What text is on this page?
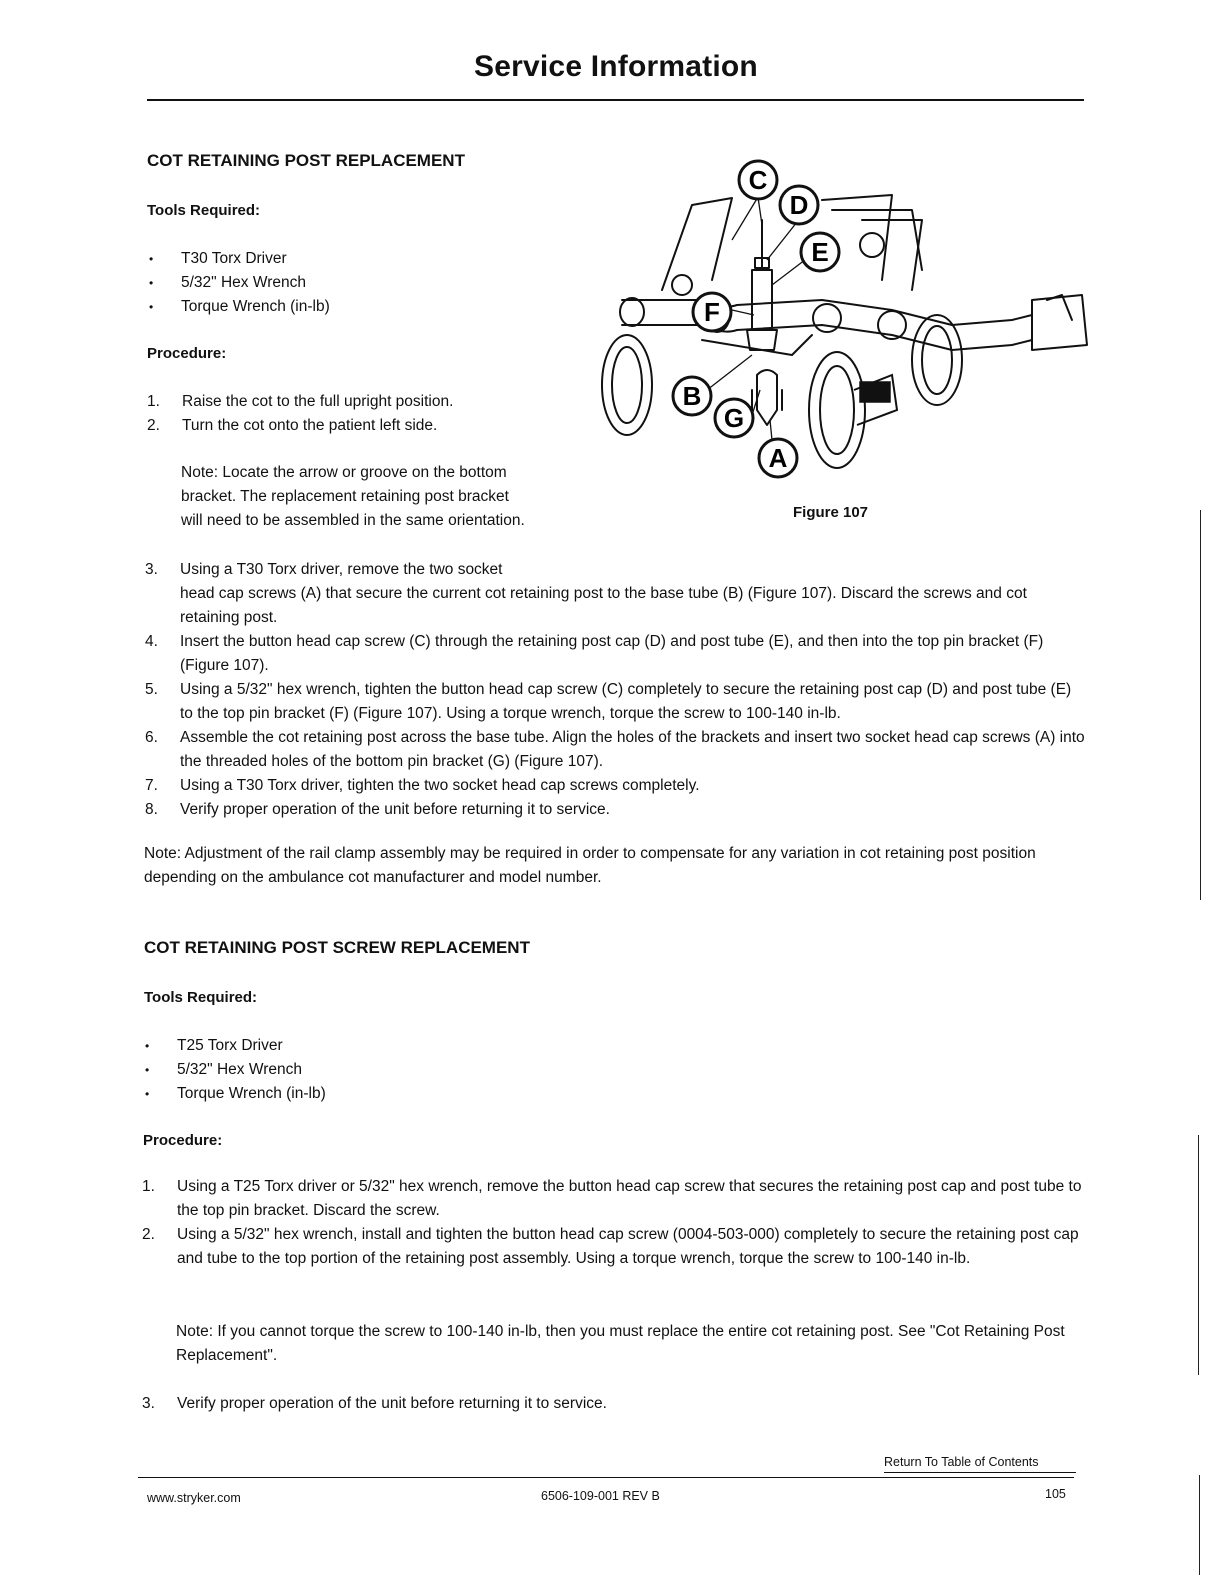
Service Information
COT RETAINING POST REPLACEMENT
Tools Required:
• T30 Torx Driver
• 5/32" Hex Wrench
• Torque Wrench (in-lb)
Procedure:
1. Raise the cot to the full upright position.
2. Turn the cot onto the patient left side.
Note: Locate the arrow or groove on the bottom
bracket. The replacement retaining post bracket
will need to be assembled in the same orientation.
C
D
E
F
B
G
A
Figure 107
3. Using a T30 Torx driver, remove the two socket
head cap screws (A) that secure the current cot retaining post to the base tube (B) (Figure 107). Discard the screws and cot retaining post.
4. Insert the button head cap screw (C) through the retaining post cap (D) and post tube (E), and then into the top pin bracket (F) (Figure 107).
5. Using a 5/32" hex wrench, tighten the button head cap screw (C) completely to secure the retaining post cap (D) and post tube (E) to the top pin bracket (F) (Figure 107). Using a torque wrench, torque the screw to 100-140 in-lb.
6. Assemble the cot retaining post across the base tube. Align the holes of the brackets and insert two socket head cap screws (A) into the threaded holes of the bottom pin bracket (G) (Figure 107).
7. Using a T30 Torx driver, tighten the two socket head cap screws completely.
8. Verify proper operation of the unit before returning it to service.
Note: Adjustment of the rail clamp assembly may be required in order to compensate for any variation in cot retaining post position depending on the ambulance cot manufacturer and model number.
COT RETAINING POST SCREW REPLACEMENT
Tools Required:
• T25 Torx Driver
• 5/32" Hex Wrench
• Torque Wrench (in-lb)
Procedure:
1. Using a T25 Torx driver or 5/32" hex wrench, remove the button head cap screw that secures the retaining post cap and post tube to the top pin bracket. Discard the screw.
2. Using a 5/32" hex wrench, install and tighten the button head cap screw (0004-503-000) completely to secure the retaining post cap and tube to the top portion of the retaining post assembly. Using a torque wrench, torque the screw to 100-140 in-lb.
Note: If you cannot torque the screw to 100-140 in-lb, then you must replace the entire cot retaining post. See "Cot Retaining Post Replacement".
3. Verify proper operation of the unit before returning it to service.
Return To Table of Contents
www.stryker.com	6506-109-001 REV B	105
